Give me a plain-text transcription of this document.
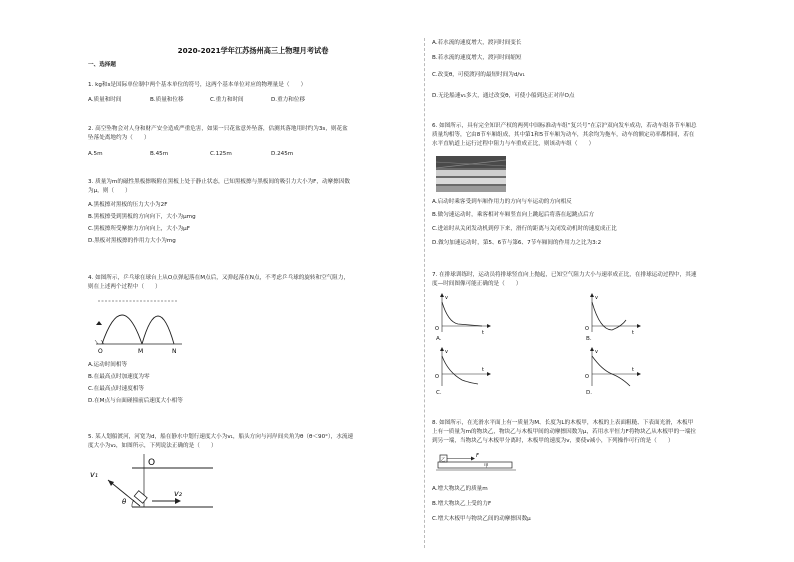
2020-2021学年江苏扬州高三上物理月考试卷
一、选择题
1. kg和s是国际单位制中两个基本单位的符号，这两个基本单位对应的物理量是（　　）
A.质量和时间	B.质量和位移	C.重力和时间	D.重力和位移
2. 高空坠物会对人身和财产安全造成严重危害，如果一只花盆意外坠落，估测其落地用时约为3s，则花盆
坠落处离地约为（　　）
A.5m	B.45m	C.125m	D.245m
3. 质量为m的磁性黑板擦吸附在黑板上处于静止状态，已知黑板擦与黑板间的吸引力大小为F，动摩擦因数
为μ，则（　　）
A.黑板擦对黑板的压力大小为2F
B.黑板擦受到黑板的方向向下，大小为μmg
C.黑板擦所受摩擦力方向向上，大小为μF
D.黑板对黑板擦的作用力大小为mg
4. 如图所示，乒乓球在球台上从O点弹起落在M点后，又弹起落在N点，不考虑乒乓球的旋转和空气阻力，
则在上述两个过程中（　　）
O	M	N
A.运动时间相等
B.在最高点时加速度为零
C.在最高点时速度相等
D.在M点与台面碰撞前后速度大小相等
5. 某人划船渡河，河宽为d，船在静水中划行速度大小为v₁，船头方向与河岸间夹角为θ（θ＜90°），水流速
度大小为v₂，如图所示，下列说法正确的是（　　）
O
v₁
θ
v₂
A.若水流的速度增大，渡河时间变长
B.若水流的速度增大，渡河时间缩短
C.改变θ，可使渡河的最短时间为d/v₁
D.无论船速v₁多大，通过改变θ，可使小船到达正对岸O点
6. 如图所示，具有完全知识产权的两列中国标准动车组“复兴号”在京沪双向发车成功，若动车组各节车厢总
质量均相等，它由8节车厢组成，其中第1和5节车厢为动车，其余均为拖车，动车的额定功率都相同，若在
水平直轨道上运行过程中阻力与车重成正比，则该动车组（　　）
A.启动时乘客受到车厢作用力的方向与车运动的方向相反
B.做匀速运动时，乘客相对车厢竖直向上跳起后将落在起跳点后方
C.进站时从关闭发动机到停下来，滑行的距离与关闭发动机时的速度成正比
D.做匀加速运动时，第5、6节与第6、7节车厢间的作用力之比为3:2
7. 在排球训练时，运动员将排球竖直向上抛起，已知空气阻力大小与速率成正比，在排球运动过程中，其速
度—时间图像可能正确的是（　　）
v
t
O
A.
v
t
O
B.
v
t
O
C.
v
t
O
D.
8. 如图所示，在光滑水平面上有一质量为M、长度为L的木板甲，木板的上表面粗糙、下表面光滑，木板甲
上有一质量为m的物块乙，物块乙与木板甲间的动摩擦因数为μ，若用水平恒力F将物块乙从木板甲的一端拉
到另一端，当物块乙与木板甲分离时，木板甲的速度为v，要使v减小，下列操作可行的是（　　）
乙
F
甲
A.增大物块乙的质量m
B.增大物块乙上受的力F
C.增大木板甲与物块乙间的动摩擦因数μ
